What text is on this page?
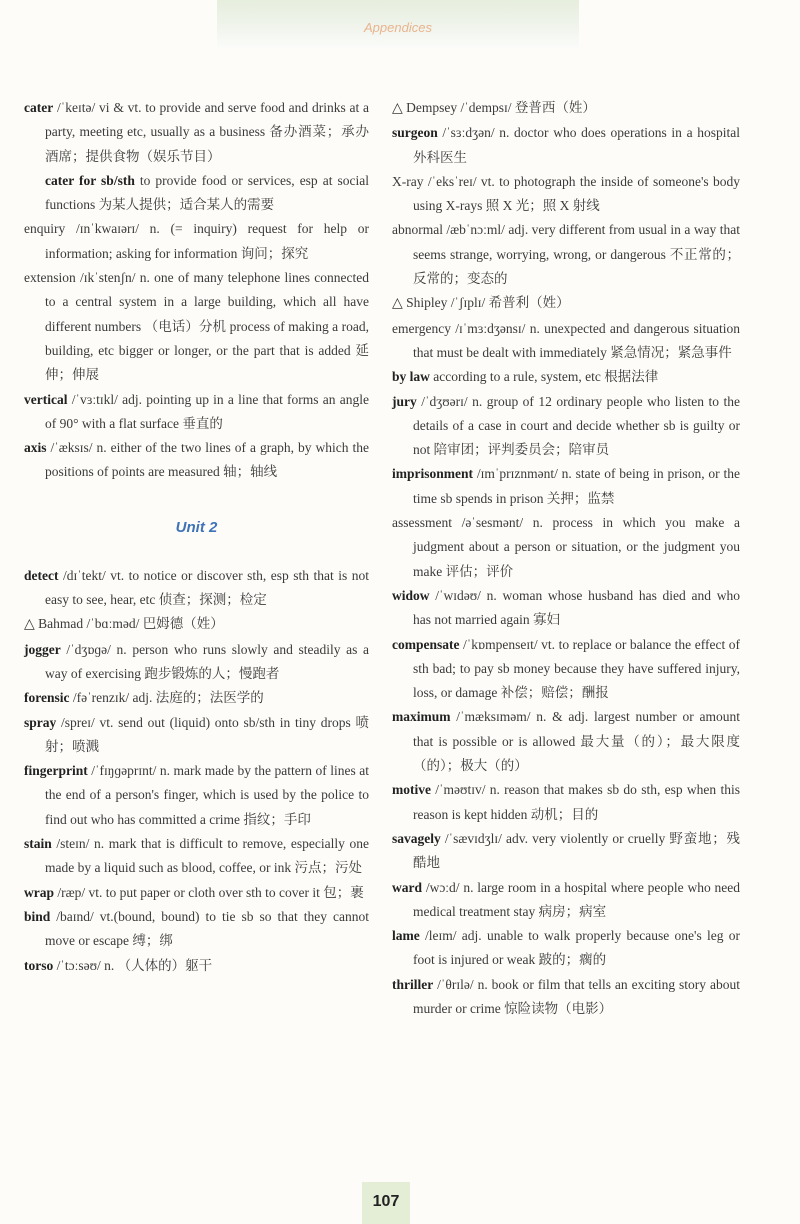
Appendices
cater /ˈkeɪtə/ vi & vt. to provide and serve food and drinks at a party, meeting etc, usually as a business 备办酒菜；承办酒席；提供食物（娱乐节目）
cater for sb/sth to provide food or services, esp at social functions 为某人提供；适合某人的需要
enquiry /ɪnˈkwaɪərɪ/ n. (= inquiry) request for help or information; asking for information 询问；探究
extension /ɪkˈstenʃn/ n. one of many telephone lines connected to a central system in a large building, which all have different numbers （电话）分机 process of making a road, building, etc bigger or longer, or the part that is added 延伸；伸展
vertical /ˈvɜːtɪkl/ adj. pointing up in a line that forms an angle of 90° with a flat surface 垂直的
axis /ˈæksɪs/ n. either of the two lines of a graph, by which the positions of points are measured 轴；轴线
Unit 2
detect /dɪˈtekt/ vt. to notice or discover sth, esp sth that is not easy to see, hear, etc 侦查；探测；检定
△ Bahmad /ˈbɑːməd/ 巴姆德（姓）
jogger /ˈdʒɒɡə/ n. person who runs slowly and steadily as a way of exercising 跑步锻炼的人；慢跑者
forensic /fəˈrenzɪk/ adj. 法庭的；法医学的
spray /spreɪ/ vt. send out (liquid) onto sb/sth in tiny drops 喷射；喷溅
fingerprint /ˈfɪŋɡəprɪnt/ n. mark made by the pattern of lines at the end of a person's finger, which is used by the police to find out who has committed a crime 指纹；手印
stain /steɪn/ n. mark that is difficult to remove, especially one made by a liquid such as blood, coffee, or ink 污点；污处
wrap /ræp/ vt. to put paper or cloth over sth to cover it 包；裹
bind /baɪnd/ vt.(bound, bound) to tie sb so that they cannot move or escape 缚；绑
torso /ˈtɔːsəʊ/ n. （人体的）躯干
△ Dempsey /ˈdempsɪ/ 登普西（姓）
surgeon /ˈsɜːdʒən/ n. doctor who does operations in a hospital 外科医生
X-ray /ˈeksˈreɪ/ vt. to photograph the inside of someone's body using X-rays 照 X 光；照 X 射线
abnormal /æbˈnɔːml/ adj. very different from usual in a way that seems strange, worrying, wrong, or dangerous 不正常的；反常的；变态的
△ Shipley /ˈʃɪplɪ/ 希普利（姓）
emergency /ɪˈmɜːdʒənsɪ/ n. unexpected and dangerous situation that must be dealt with immediately 紧急情况；紧急事件
by law according to a rule, system, etc 根据法律
jury /ˈdʒʊərɪ/ n. group of 12 ordinary people who listen to the details of a case in court and decide whether sb is guilty or not 陪审团；评判委员会；陪审员
imprisonment /ɪmˈprɪznmənt/ n. state of being in prison, or the time sb spends in prison 关押；监禁
assessment /əˈsesmənt/ n. process in which you make a judgment about a person or situation, or the judgment you make 评估；评价
widow /ˈwɪdəʊ/ n. woman whose husband has died and who has not married again 寡妇
compensate /ˈkɒmpenseɪt/ vt. to replace or balance the effect of sth bad; to pay sb money because they have suffered injury, loss, or damage 补偿；赔偿；酬报
maximum /ˈmæksɪməm/ n. & adj. largest number or amount that is possible or is allowed 最大量（的）；最大限度（的）；极大（的）
motive /ˈməʊtɪv/ n. reason that makes sb do sth, esp when this reason is kept hidden 动机；目的
savagely /ˈsævɪdʒlɪ/ adv. very violently or cruelly 野蛮地；残酷地
ward /wɔːd/ n. large room in a hospital where people who need medical treatment stay 病房；病室
lame /leɪm/ adj. unable to walk properly because one's leg or foot is injured or weak 跛的；瘸的
thriller /ˈθrɪlə/ n. book or film that tells an exciting story about murder or crime 惊险读物（电影）
107
